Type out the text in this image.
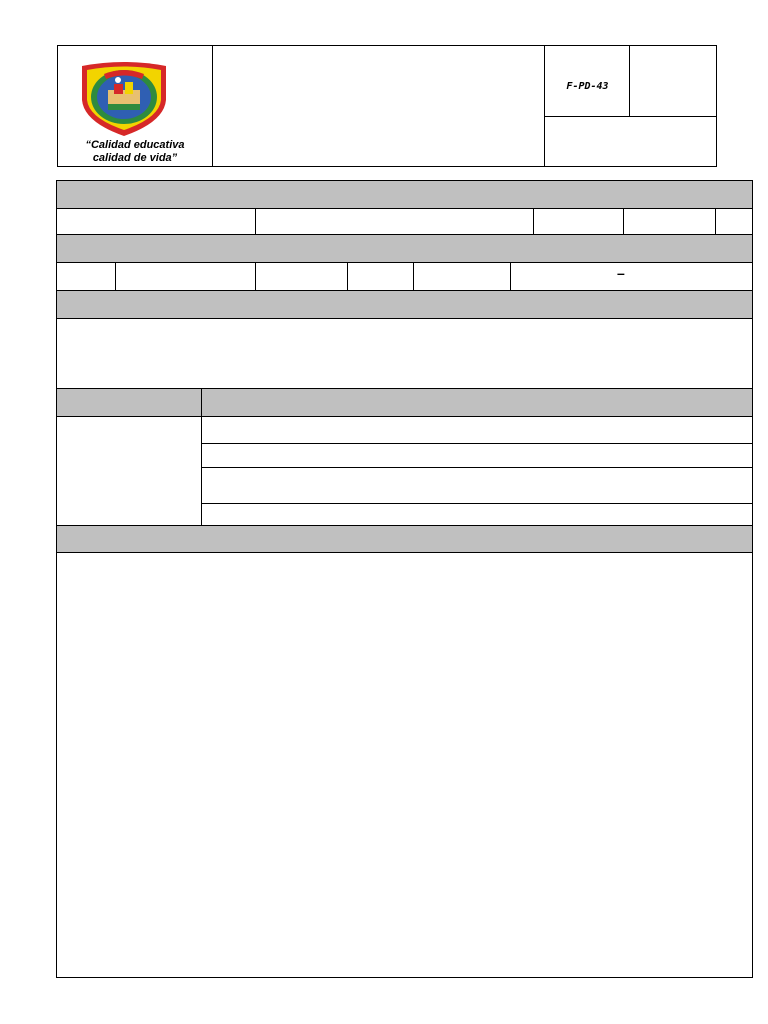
“Calidad educativa
calidad de vida”
F-PD-43
–
